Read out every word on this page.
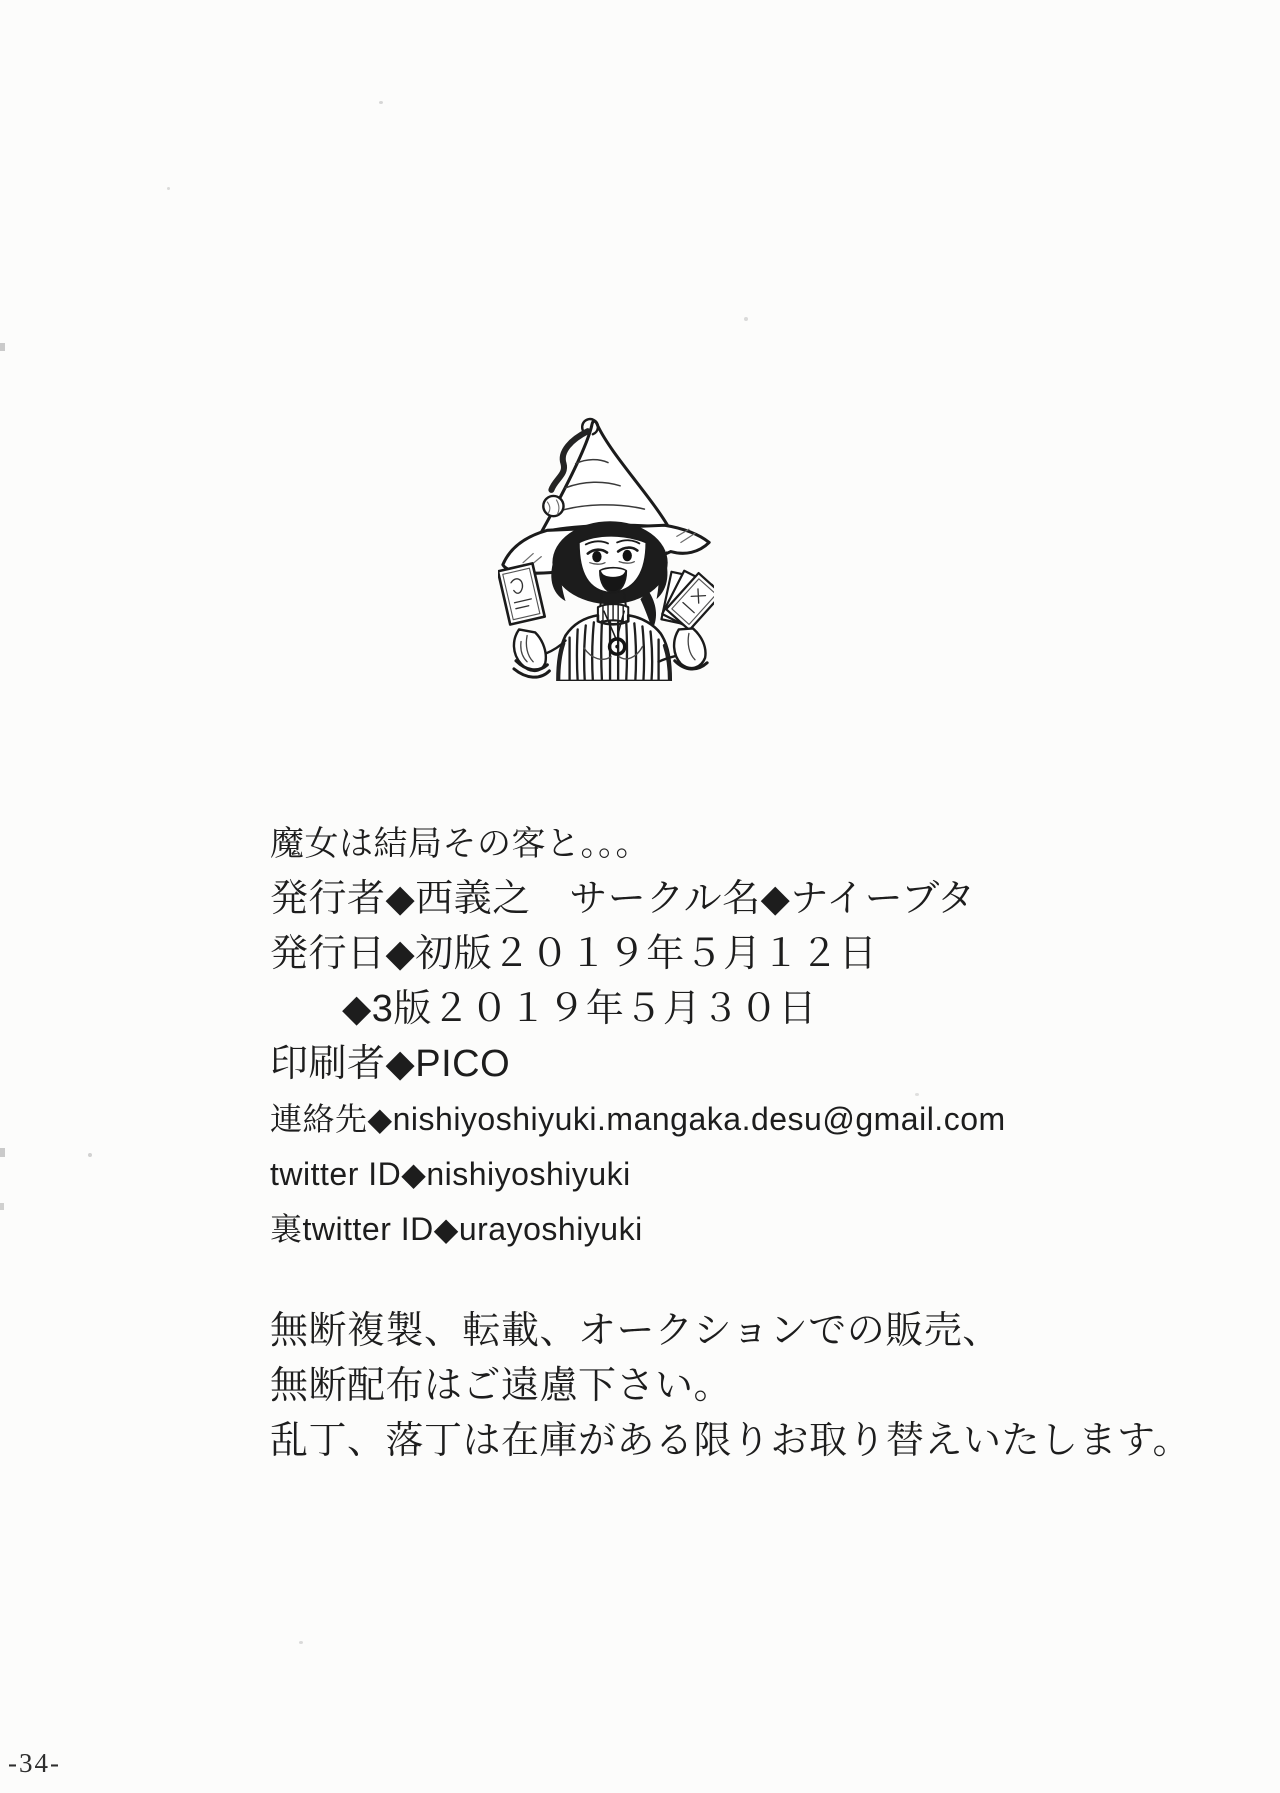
魔女は結局その客と。。。
発行者◆西義之　サークル名◆ナイーブタ
発行日◆初版２０１９年５月１２日
◆3版２０１９年５月３０日
印刷者◆PICO
連絡先◆nishiyoshiyuki.mangaka.desu@gmail.com
twitter ID◆nishiyoshiyuki
裏twitter ID◆urayoshiyuki
無断複製、転載、オークションでの販売、
無断配布はご遠慮下さい。
乱丁、落丁は在庫がある限りお取り替えいたします。
-34-
